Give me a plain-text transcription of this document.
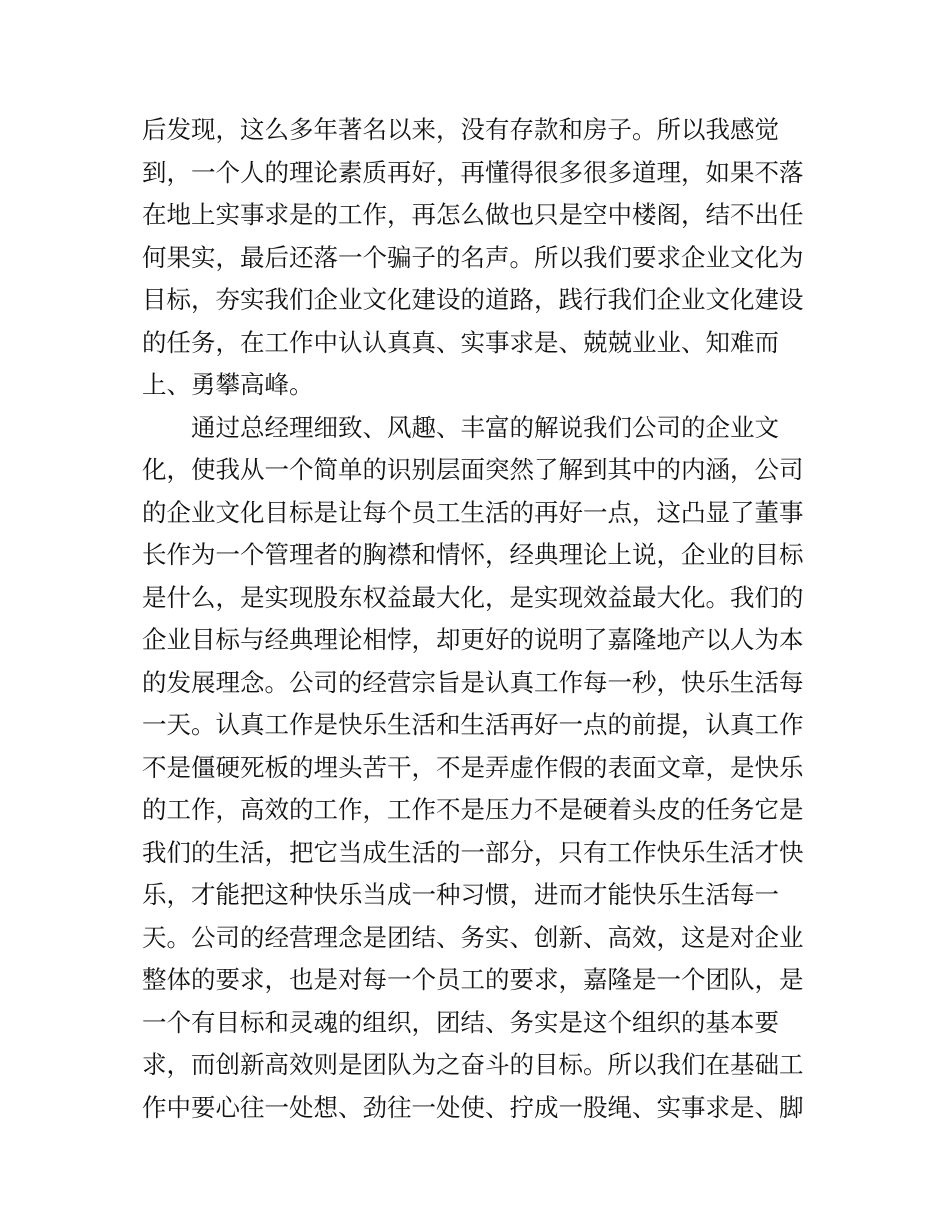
后发现，这么多年著名以来，没有存款和房子。所以我感觉
到，一个人的理论素质再好，再懂得很多很多道理，如果不落
在地上实事求是的工作，再怎么做也只是空中楼阁，结不出任
何果实，最后还落一个骗子的名声。所以我们要求企业文化为
目标，夯实我们企业文化建设的道路，践行我们企业文化建设
的任务，在工作中认认真真、实事求是、兢兢业业、知难而
上、勇攀高峰。
通过总经理细致、风趣、丰富的解说我们公司的企业文
化，使我从一个简单的识别层面突然了解到其中的内涵，公司
的企业文化目标是让每个员工生活的再好一点，这凸显了董事
长作为一个管理者的胸襟和情怀，经典理论上说，企业的目标
是什么，是实现股东权益最大化，是实现效益最大化。我们的
企业目标与经典理论相悖，却更好的说明了嘉隆地产以人为本
的发展理念。公司的经营宗旨是认真工作每一秒，快乐生活每
一天。认真工作是快乐生活和生活再好一点的前提，认真工作
不是僵硬死板的埋头苦干，不是弄虚作假的表面文章，是快乐
的工作，高效的工作，工作不是压力不是硬着头皮的任务它是
我们的生活，把它当成生活的一部分，只有工作快乐生活才快
乐，才能把这种快乐当成一种习惯，进而才能快乐生活每一
天。公司的经营理念是团结、务实、创新、高效，这是对企业
整体的要求，也是对每一个员工的要求，嘉隆是一个团队，是
一个有目标和灵魂的组织，团结、务实是这个组织的基本要
求，而创新高效则是团队为之奋斗的目标。所以我们在基础工
作中要心往一处想、劲往一处使、拧成一股绳、实事求是、脚
